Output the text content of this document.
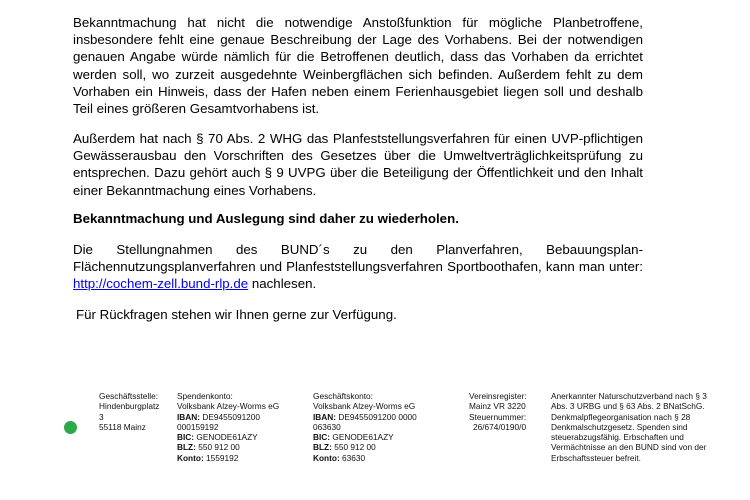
Bekanntmachung hat nicht die notwendige Anstoßfunktion für mögliche Planbetroffene, insbesondere fehlt eine genaue Beschreibung der Lage des Vorhabens. Bei der notwendigen genauen Angabe würde nämlich für die Betroffenen deutlich, dass das Vorhaben da errichtet werden soll, wo zurzeit ausgedehnte Weinbergflächen sich befinden. Außerdem fehlt zu dem Vorhaben ein Hinweis, dass der Hafen neben einem Ferienhausgebiet liegen soll und deshalb Teil eines größeren Gesamtvorhabens ist.

Außerdem hat nach § 70 Abs. 2 WHG das Planfeststellungsverfahren für einen UVP-pflichtigen Gewässerausbau den Vorschriften des Gesetzes über die Umweltverträglichkeitsprüfung zu entsprechen. Dazu gehört auch § 9 UVPG über die Beteiligung der Öffentlichkeit und den Inhalt einer Bekanntmachung eines Vorhabens.

Bekanntmachung und Auslegung sind daher zu wiederholen.

Die Stellungnahmen des BUND´s zu den Planverfahren, Bebauungsplan- Flächennutzungsplanverfahren und Planfeststellungsverfahren Sportboothafen, kann man unter: http://cochem-zell.bund-rlp.de nachlesen.

Für Rückfragen stehen wir Ihnen gerne zur Verfügung.

Geschäftsstelle:
Hindenburgplatz
3
55118 Mainz
Spendenkonto:
Volksbank Alzey-Worms eG
IBAN: DE9455091200
000159192
BIC: GENODE61AZY
BLZ: 550 912 00
Konto: 1559192
Geschäftskonto:
Volksbank Alzey-Worms eG
IBAN: DE9455091200 0000
063630
BIC: GENODE61AZY
BLZ: 550 912 00
Konto: 63630
Vereinsregister:
Mainz VR 3220
Steuernummer:
26/674/0190/0
Anerkannter Naturschutzverband nach § 3
Abs. 3 URBG und § 63 Abs. 2 BNatSchG.
Denkmalpflegeorganisation nach § 28
Denkmalschutzgesetz. Spenden sind
steuerabzugsfähig. Erbschaften und
Vermächtnisse an den BUND sind von der
Erbschaftssteuer befreit.
